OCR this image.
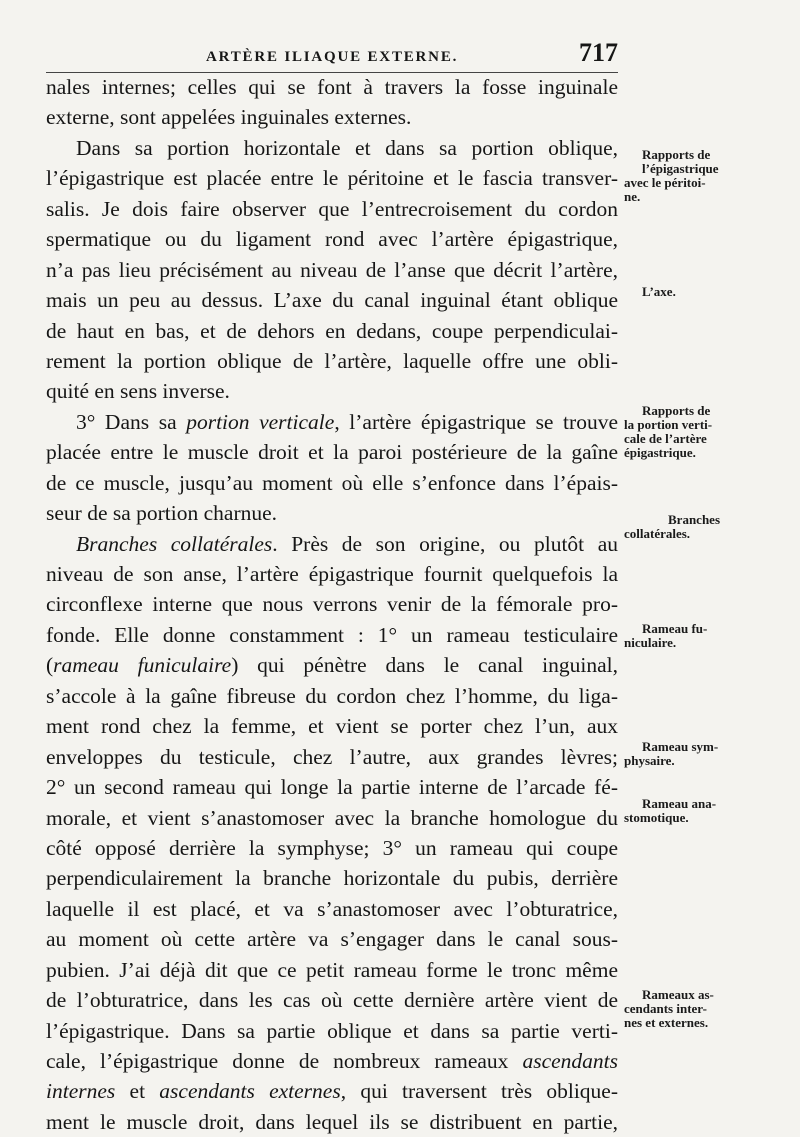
ARTÈRE ILIAQUE EXTERNE.	717
nales internes; celles qui se font à travers la fosse inguinale
externe, sont appelées inguinales externes.
Dans sa portion horizontale et dans sa portion oblique,
l’épigastrique est placée entre le péritoine et le fascia transver-
salis. Je dois faire observer que l’entrecroisement du cordon
spermatique ou du ligament rond avec l’artère épigastrique,
n’a pas lieu précisément au niveau de l’anse que décrit l’artère,
mais un peu au dessus. L’axe du canal inguinal étant oblique
de haut en bas, et de dehors en dedans, coupe perpendiculai-
rement la portion oblique de l’artère, laquelle offre une obli-
quité en sens inverse.
3° Dans sa portion verticale, l’artère épigastrique se trouve
placée entre le muscle droit et la paroi postérieure de la gaîne
de ce muscle, jusqu’au moment où elle s’enfonce dans l’épais-
seur de sa portion charnue.
Branches collatérales. Près de son origine, ou plutôt au
niveau de son anse, l’artère épigastrique fournit quelquefois la
circonflexe interne que nous verrons venir de la fémorale pro-
fonde. Elle donne constamment : 1° un rameau testiculaire
(rameau funiculaire) qui pénètre dans le canal inguinal,
s’accole à la gaîne fibreuse du cordon chez l’homme, du liga-
ment rond chez la femme, et vient se porter chez l’un, aux
enveloppes du testicule, chez l’autre, aux grandes lèvres;
2° un second rameau qui longe la partie interne de l’arcade fé-
morale, et vient s’anastomoser avec la branche homologue du
côté opposé derrière la symphyse; 3° un rameau qui coupe
perpendiculairement la branche horizontale du pubis, derrière
laquelle il est placé, et va s’anastomoser avec l’obturatrice,
au moment où cette artère va s’engager dans le canal sous-
pubien. J’ai déjà dit que ce petit rameau forme le tronc même
de l’obturatrice, dans les cas où cette dernière artère vient de
l’épigastrique. Dans sa partie oblique et dans sa partie verti-
cale, l’épigastrique donne de nombreux rameaux ascendants
internes et ascendants externes, qui traversent très oblique-
ment le muscle droit, dans lequel ils se distribuent en partie,
Rapports de
l’épigastrique
avec le péritoi-
ne.
L’axe.
Rapports de
la portion verti-
cale de l’artère
épigastrique.
Branches
collatérales.
Rameau fu-
niculaire.
Rameau sym-
physaire.
Rameau ana-
stomotique.
Rameaux as-
cendants inter-
nes et externes.
